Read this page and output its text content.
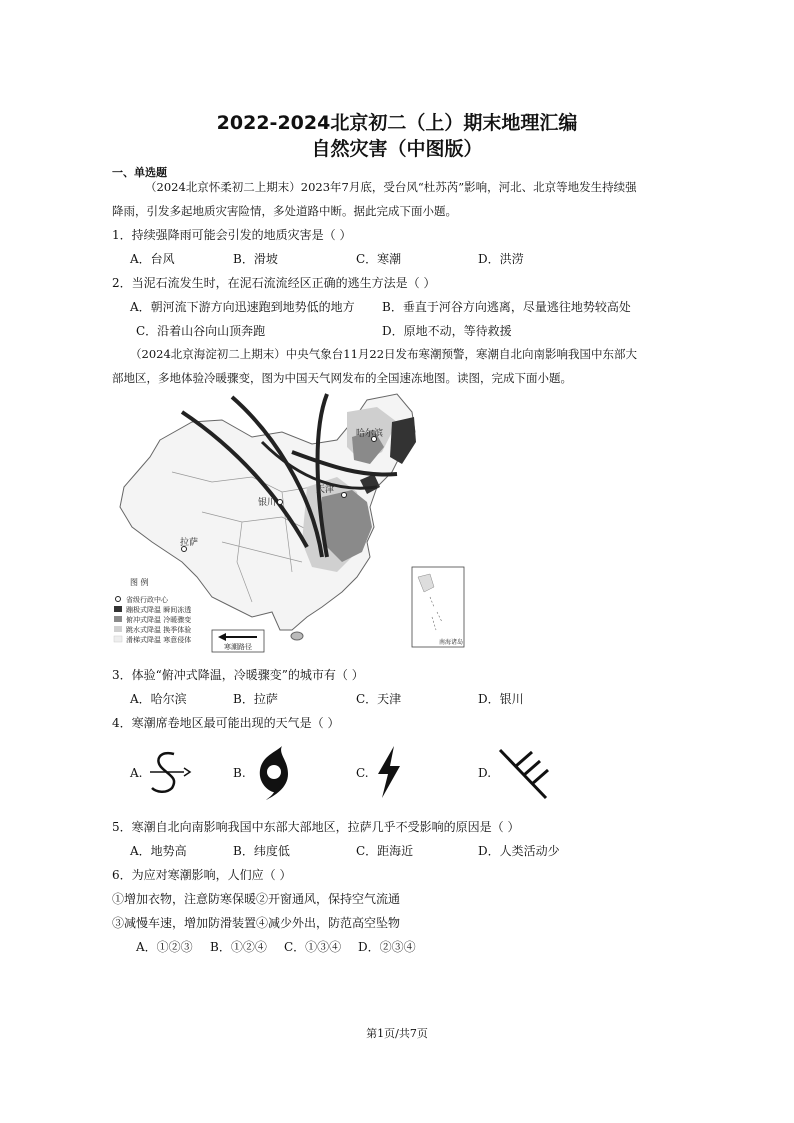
2022-2024北京初二（上）期末地理汇编
自然灾害（中图版）
一、单选题
（2024北京怀柔初二上期末）2023年7月底，受台风“杜苏芮”影响，河北、北京等地发生持续强
降雨，引发多起地质灾害险情，多处道路中断。据此完成下面小题。
1．持续强降雨可能会引发的地质灾害是（ ）
A．台风	B．滑坡	C．寒潮	D．洪涝
2．当泥石流发生时，在泥石流流经区正确的逃生方法是（ ）
A．朝河流下游方向迅速跑到地势低的地方 B．垂直于河谷方向逃离，尽量逃往地势较高处
C．沿着山谷向山顶奔跑	D．原地不动，等待救援
（2024北京海淀初二上期末）中央气象台11月22日发布寒潮预警，寒潮自北向南影响我国中东部大
部地区，多地体验冷暖骤变，图为中国天气网发布的全国速冻地图。读图，完成下面小题。
哈尔滨
天津
银川
拉萨
图 例
省级行政中心
蹦极式降温 瞬间冻透
俯冲式降温 冷暖骤变
跳水式降温 换季体验
滑梯式降温 寒意侵体
寒潮路径
南海诸岛
3．体验“俯冲式降温，冷暖骤变”的城市有（ ）
A．哈尔滨	B．拉萨	C．天津	D．银川
4．寒潮席卷地区最可能出现的天气是（ ）
A.	B.	C.	D.
5．寒潮自北向南影响我国中东部大部地区，拉萨几乎不受影响的原因是（ ）
A．地势高	B．纬度低	C．距海近	D．人类活动少
6．为应对寒潮影响，人们应（ ）
①增加衣物，注意防寒保暖②开窗通风，保持空气流通
③减慢车速，增加防滑装置④减少外出，防范高空坠物
A．①②③ B．①②④ C．①③④ D．②③④
第1页/共7页
